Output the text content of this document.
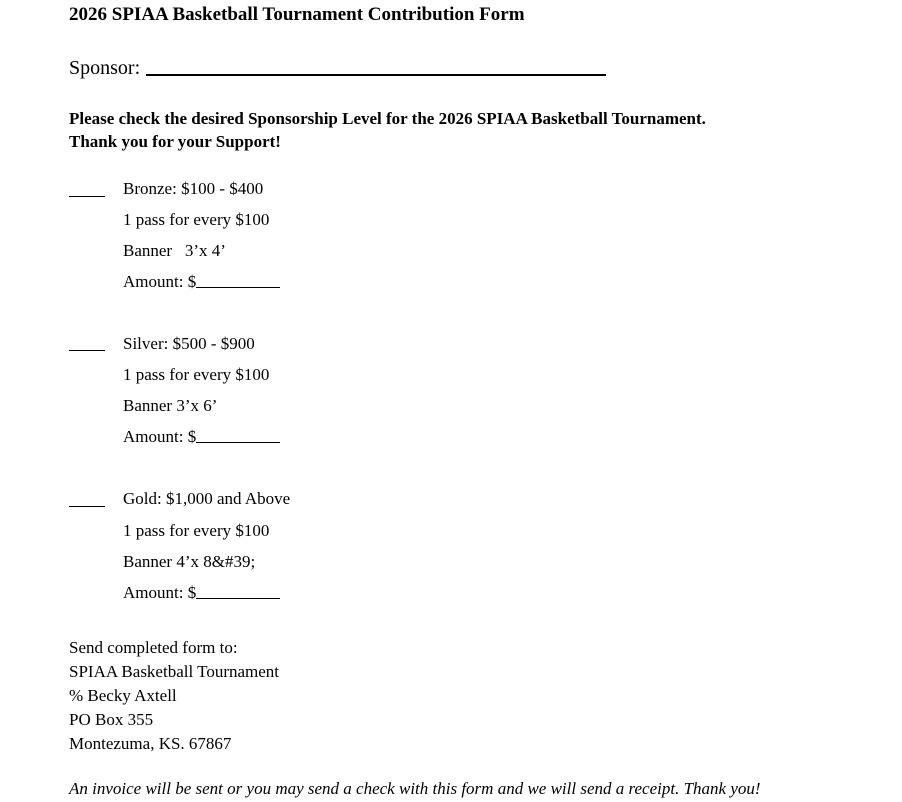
2026 SPIAA Basketball Tournament Contribution Form
Sponsor:
Please check the desired Sponsorship Level for the 2026 SPIAA Basketball Tournament.
Thank you for your Support!
Bronze: $100 - $400
1 pass for every $100
Banner   3’x 4’
Amount: $
Silver: $500 - $900
1 pass for every $100
Banner 3’x 6’
Amount: $
Gold: $1,000 and Above
1 pass for every $100
Banner 4’x 8&#39;
Amount: $
Send completed form to:
SPIAA Basketball Tournament
% Becky Axtell
PO Box 355
Montezuma, KS. 67867
An invoice will be sent or you may send a check with this form and we will send a receipt. Thank you!
